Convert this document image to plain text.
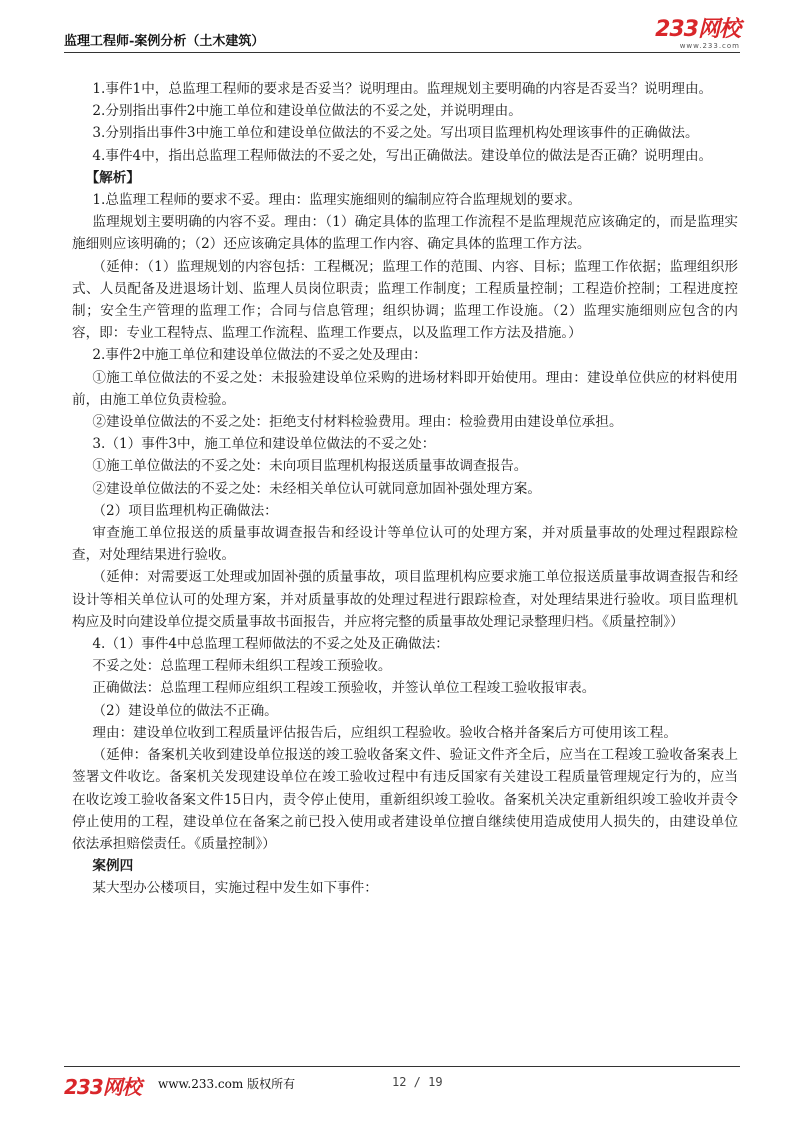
监理工程师-案例分析（土木建筑）	233网校
www.233.com

1.事件1中，总监理工程师的要求是否妥当？说明理由。监理规划主要明确的内容是否妥当？说明理由。

2.分别指出事件2中施工单位和建设单位做法的不妥之处，并说明理由。

3.分别指出事件3中施工单位和建设单位做法的不妥之处。写出项目监理机构处理该事件的正确做法。

4.事件4中，指出总监理工程师做法的不妥之处，写出正确做法。建设单位的做法是否正确？说明理由。

【解析】

1.总监理工程师的要求不妥。理由：监理实施细则的编制应符合监理规划的要求。

监理规划主要明确的内容不妥。理由：（1）确定具体的监理工作流程不是监理规范应该确定的，而是监理实施细则应该明确的；（2）还应该确定具体的监理工作内容、确定具体的监理工作方法。

（延伸：（1）监理规划的内容包括：工程概况；监理工作的范围、内容、目标；监理工作依据；监理组织形式、人员配备及进退场计划、监理人员岗位职责；监理工作制度；工程质量控制；工程造价控制；工程进度控制；安全生产管理的监理工作；合同与信息管理；组织协调；监理工作设施。（2）监理实施细则应包含的内容，即：专业工程特点、监理工作流程、监理工作要点，以及监理工作方法及措施。）

2.事件2中施工单位和建设单位做法的不妥之处及理由：

①施工单位做法的不妥之处：未报验建设单位采购的进场材料即开始使用。理由：建设单位供应的材料使用前，由施工单位负责检验。

②建设单位做法的不妥之处：拒绝支付材料检验费用。理由：检验费用由建设单位承担。

3.（1）事件3中，施工单位和建设单位做法的不妥之处：

①施工单位做法的不妥之处：未向项目监理机构报送质量事故调查报告。

②建设单位做法的不妥之处：未经相关单位认可就同意加固补强处理方案。

（2）项目监理机构正确做法：

审查施工单位报送的质量事故调查报告和经设计等单位认可的处理方案，并对质量事故的处理过程跟踪检查，对处理结果进行验收。

（延伸：对需要返工处理或加固补强的质量事故，项目监理机构应要求施工单位报送质量事故调查报告和经设计等相关单位认可的处理方案，并对质量事故的处理过程进行跟踪检查，对处理结果进行验收。项目监理机构应及时向建设单位提交质量事故书面报告，并应将完整的质量事故处理记录整理归档。《质量控制》）

4.（1）事件4中总监理工程师做法的不妥之处及正确做法：

不妥之处：总监理工程师未组织工程竣工预验收。

正确做法：总监理工程师应组织工程竣工预验收，并签认单位工程竣工验收报审表。

（2）建设单位的做法不正确。

理由：建设单位收到工程质量评估报告后，应组织工程验收。验收合格并备案后方可使用该工程。

（延伸：备案机关收到建设单位报送的竣工验收备案文件、验证文件齐全后，应当在工程竣工验收备案表上签署文件收讫。备案机关发现建设单位在竣工验收过程中有违反国家有关建设工程质量管理规定行为的，应当在收讫竣工验收备案文件15日内，责令停止使用，重新组织竣工验收。备案机关决定重新组织竣工验收并责令停止使用的工程，建设单位在备案之前已投入使用或者建设单位擅自继续使用造成使用人损失的，由建设单位依法承担赔偿责任。《质量控制》）

案例四

某大型办公楼项目，实施过程中发生如下事件：

233网校 www.233.com 版权所有	12 / 19
